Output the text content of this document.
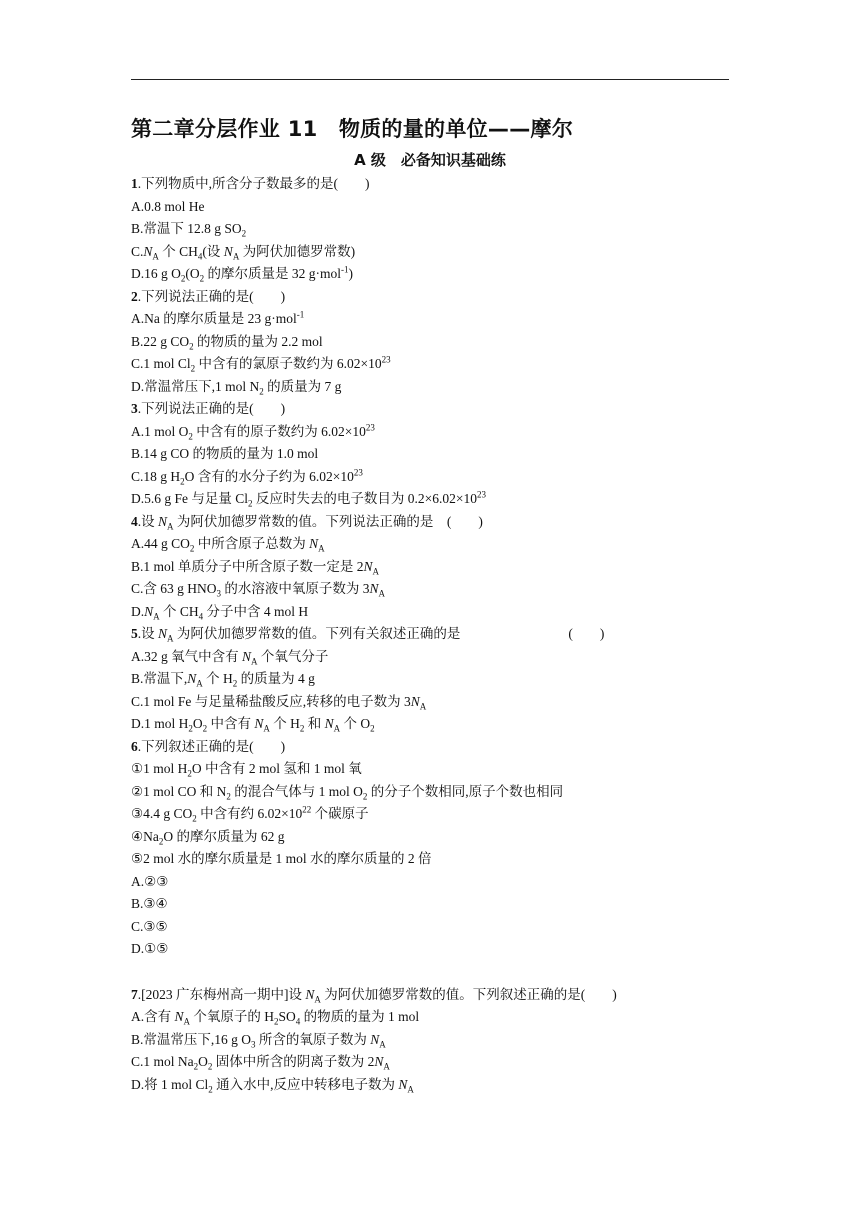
第二章分层作业 11　物质的量的单位——摩尔
A 级　必备知识基础练
1.下列物质中,所含分子数最多的是(　　)
A.0.8 mol He
B.常温下 12.8 g $SO_2$
$C.N_A$ 个 $CH_4$(设 $N_A$ 为阿伏加德罗常数)
D.16 g $O_2(O_2$ 的摩尔质量是 32 g·mol$^{-1}$)
2.下列说法正确的是(　　)
A.Na 的摩尔质量是 23 g·mol$^{-1}$
B.22 g $CO_2$ 的物质的量为 2.2 mol
C.1 mol $Cl_2$ 中含有的氯原子数约为 $6.02\times 10^{23}$
D.常温常压下,1 mol $N_2$ 的质量为 7 g
3.下列说法正确的是(　　)
A.1 mol $O_2$ 中含有的原子数约为 $6.02\times 10^{23}$
B.14 g CO 的物质的量为 1.0 mol
C.18 g $H_2O$ 含有的水分子约为 $6.02\times 10^{23}$
D.5.6 g Fe 与足量 $Cl_2$ 反应时失去的电子数目为 $0.2\times 6.02\times 10^{23}$
4.设 $N_A$ 为阿伏加德罗常数的值。下列说法正确的是　(　　)
A.44 g $CO_2$ 中所含原子总数为 $N_A$
B.1 mol 单质分子中所含原子数一定是 $2N_A$
C.含 63 g $HNO_3$ 的水溶液中氧原子数为 $3N_A$
$D.N_A$ 个 $CH_4$ 分子中含 4 mol H
5.设 $N_A$ 为阿伏加德罗常数的值。下列有关叙述正确的是	(　　)
A.32 g 氧气中含有 $N_A$ 个氧气分子
B.常温下$,N_A$ 个 $H_2$ 的质量为 4 g
C.1 mol Fe 与足量稀盐酸反应,转移的电子数为 $3N_A$
D.1 mol $H_2O_2$ 中含有 $N_A$ 个 $H_2$ 和 $N_A$ 个 $O_2$
6.下列叙述正确的是(　　)
①1 mol $H_2O$ 中含有 2 mol 氢和 1 mol 氧
②1 mol CO 和 $N_2$ 的混合气体与 1 mol $O_2$ 的分子个数相同,原子个数也相同
③4.4 g $CO_2$ 中含有约 $6.02\times 10^{22}$ 个碳原子
$④Na_2O$ 的摩尔质量为 62 g
⑤2 mol 水的摩尔质量是 1 mol 水的摩尔质量的 2 倍
A.②③
B.③④
C.③⑤
D.①⑤
7.[2023 广东梅州高一期中]设 $N_A$ 为阿伏加德罗常数的值。下列叙述正确的是(　　)
A.含有 $N_A$ 个氧原子的 $H_2SO_4$ 的物质的量为 1 mol
B.常温常压下,16 g $O_3$ 所含的氧原子数为 $N_A$
C.1 mol $Na_2O_2$ 固体中所含的阴离子数为 $2N_A$
D.将 1 mol $Cl_2$ 通入水中,反应中转移电子数为 $N_A$
